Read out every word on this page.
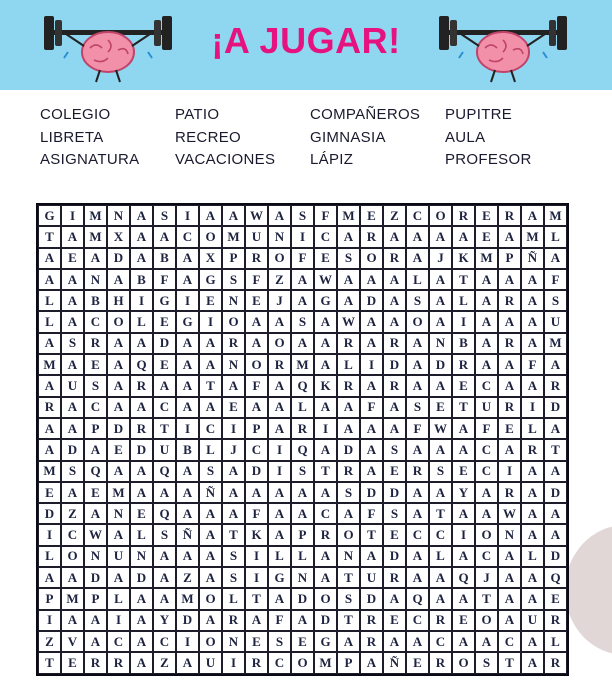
¡A JUGAR!
COLEGIO	PATIO	COMPAÑEROS	PUPITRE
LIBRETA	RECREO	GIMNASIA	AULA
ASIGNATURA	VACACIONES	LÁPIZ	PROFESOR
G	I	M N	A	S	I	A	A W A	S	F M E	Z	C	O	R	E	R	A M
T	A M X	A	A	C	O M U	N	I	C	A	R	A	A	A	A	E	A M L
A	E	A	D	A	B	A	X	P	R	O	F	E	S	O	R	A	J	K M P	Ñ	A
A	A	N	A	B	F	A	G	S	F	Z	A W A	A	A	L	A	T	A	A	A	F
L	A	B	H	I	G	I	E	N	E	J	A	G	A	D	A	S	A	L	A	R	A	S
L	A	C	O	L	E	G	I	O	A	A	S	A W A	A	O	A	I	A	A	A	U
A	S	R	A	A	D	A	A	R	A	O	A	A	R	A	R	A	N	B	A	R	A M
M A	E	A	Q	E	A	A	N	O	R M A	L	I	D	A	D	R	A	A	F	A
A	U	S	A	R	A	A	T	A	F	A	Q K	R	A	R	A	A	E	C	A	A	R
R	A	C	A	A	C	A	A	E	A	A	L	A	A	F	A	S	E	T	U	R	I	D
A	A	P	D	R	T	I	C	I	P	A	R	I	A	A	A	F W A	F	E	L	A
A	D	A	E	D	U	B	L	J	C	I	Q	A	D	A	S	A	A	A	C	A	R	T
M	S	Q	A	A	Q	A	S	A	D	I	S	T	R	A	E	R	S	E	C	I	A	A
E	A	E M A	A	A	Ñ	A	A	A	A	A	S	D	D	A	A	Y	A	R	A	D
D	Z	A	N	E	Q	A	A	A	F	A	A	C	A	F	S	A	T	A	A W A	A
I	C W A	L	S	Ñ	A	T	K	A	P	R	O	T	E	C	C	I	O	N	A	A
L	O	N	U	N	A	A	A	S	I	L	L	A	N	A	D	A	L	A	C	A	L	D
A	A	D	A	D	A	Z	A	S	I	G	N	A	T	U	R	A	A	Q	J	A	A	Q
P M P	L	A	A M O	L	T	A	D	O	S	D	A	Q	A	A	T	A	A	E
I	A	A	I	A	Y	D	A	R	A	F	A	D	T	R	E	C	R	E	O	A	U	R
Z	V	A	C	A	C	I	O	N	E	S	E	G	A	R	A	A	C	A	A	C	A	L
T	E	R	R	A	Z	A	U	I	R	C	O M P	A	Ñ	E	R	O	S	T	A	R
